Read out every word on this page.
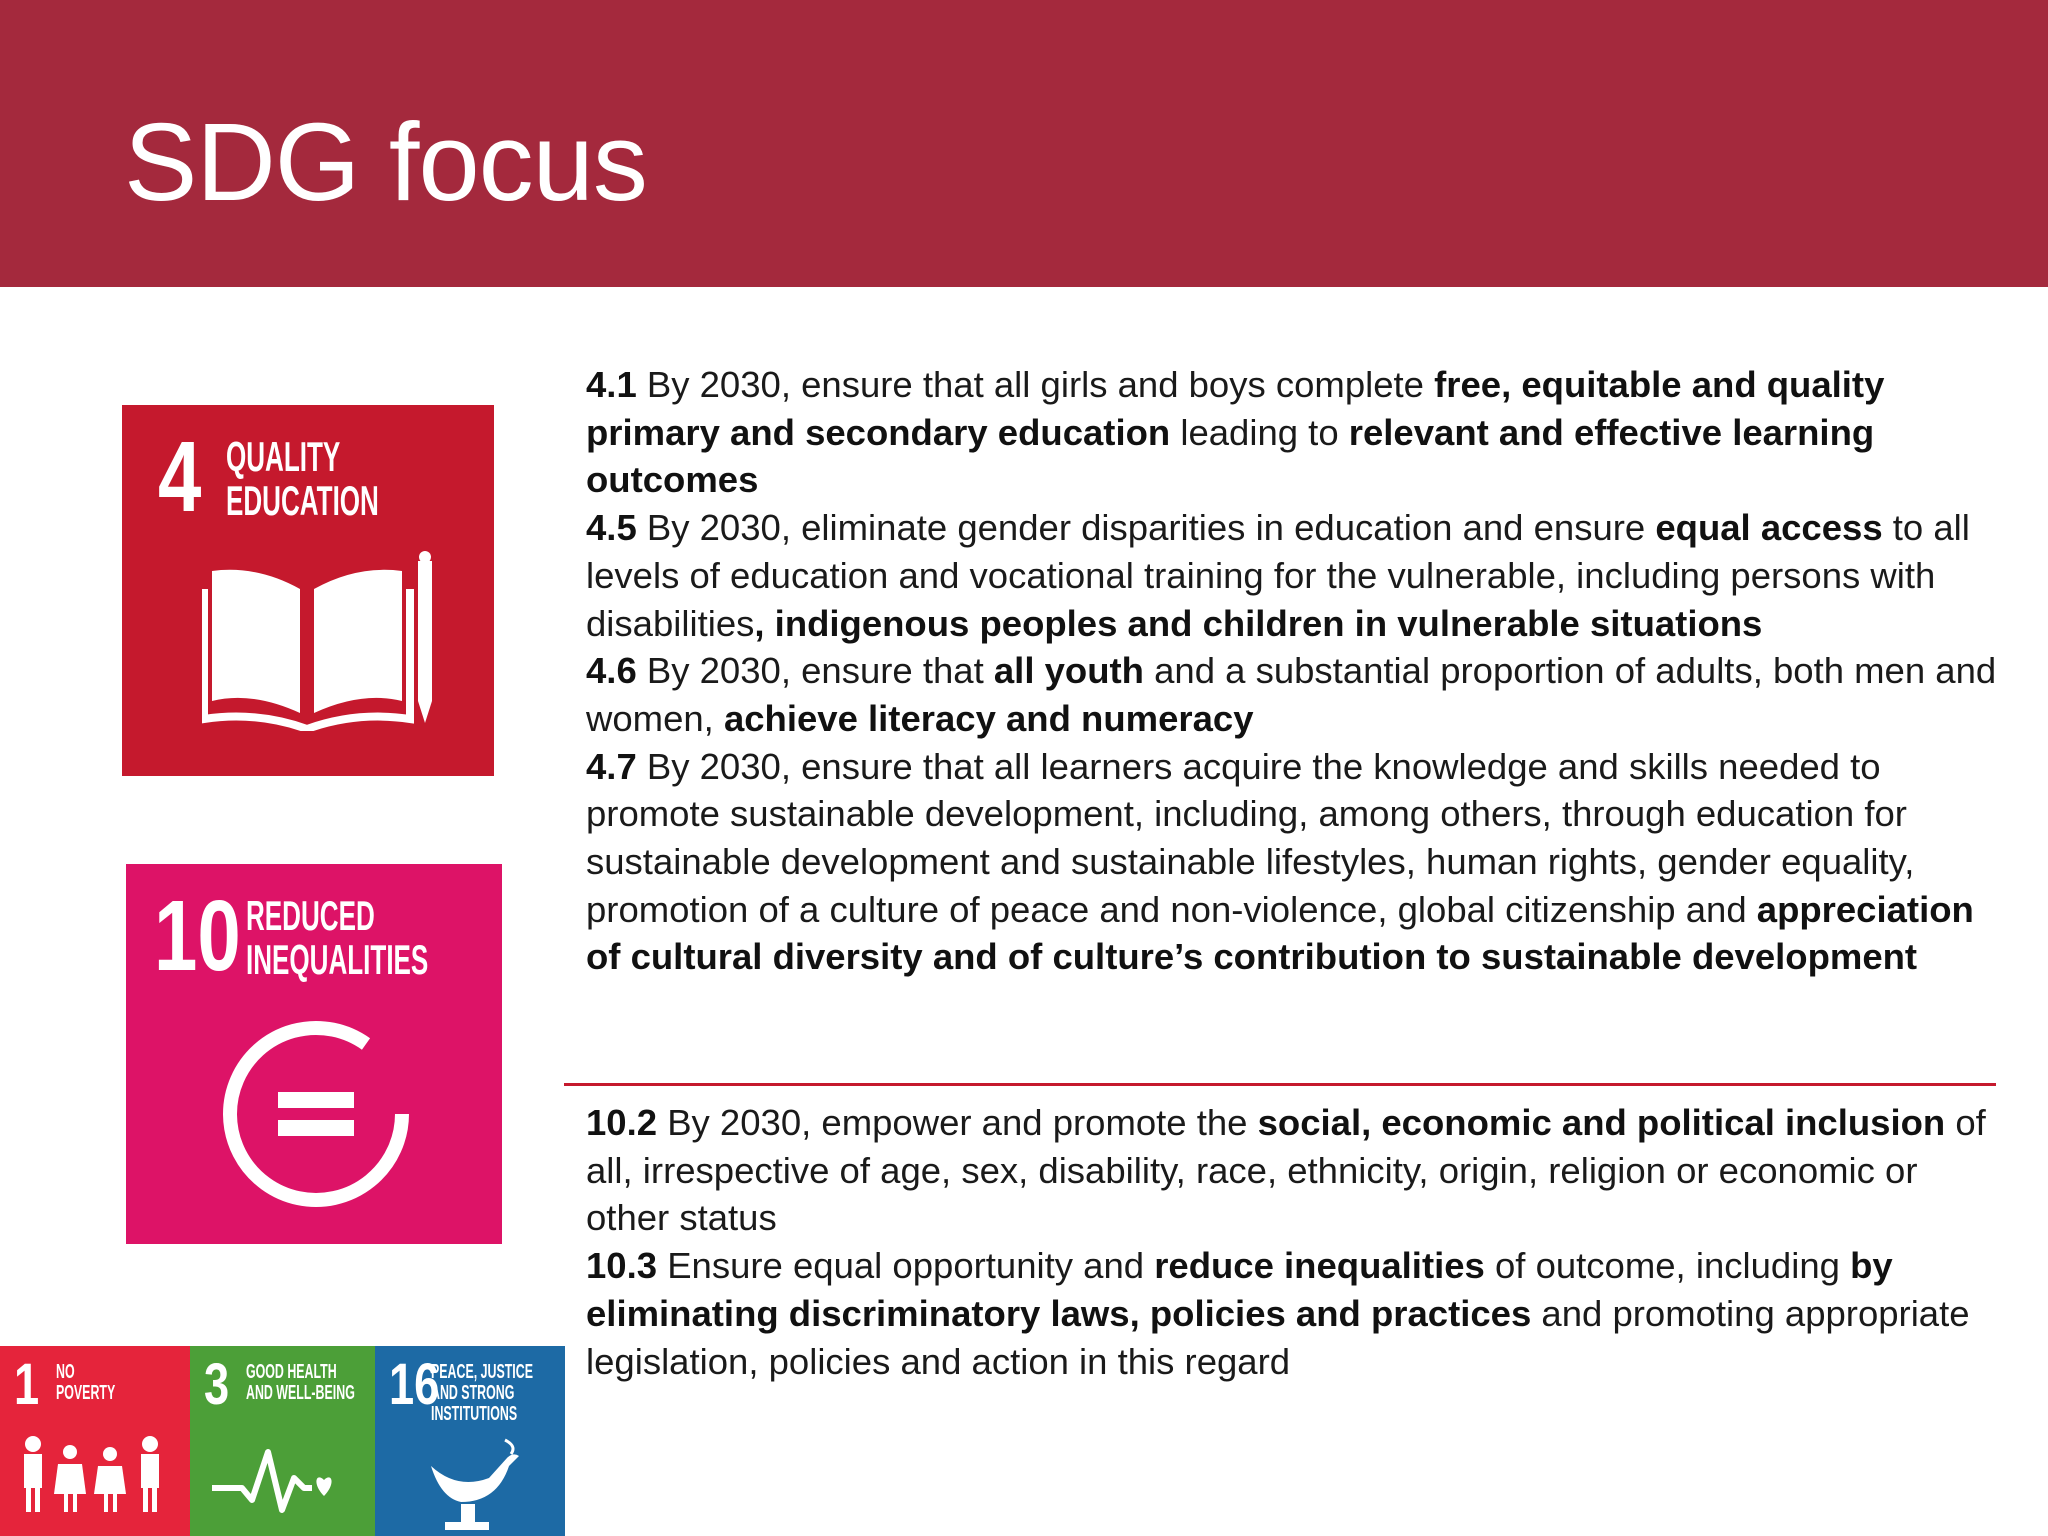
SDG focus
4 QUALITY
EDUCATION
10 REDUCED
INEQUALITIES
1 NO
POVERTY 3 GOOD HEALTH
AND WELL-BEING 16
PEACE, JUSTICE
AND STRONG
INSTITUTIONS

4.1 By 2030, ensure that all girls and boys complete free, equitable and quality primary and secondary education leading to relevant and effective learning outcomes

4.5 By 2030, eliminate gender disparities in education and ensure equal access to all levels of education and vocational training for the vulnerable, including persons with disabilities, indigenous peoples and children in vulnerable situations

4.6 By 2030, ensure that all youth and a substantial proportion of adults, both men and women, achieve literacy and numeracy

4.7 By 2030, ensure that all learners acquire the knowledge and skills needed to promote sustainable development, including, among others, through education for sustainable development and sustainable lifestyles, human rights, gender equality, promotion of a culture of peace and non-violence, global citizenship and appreciation of cultural diversity and of culture’s contribution to sustainable development

10.2 By 2030, empower and promote the social, economic and political inclusion of all, irrespective of age, sex, disability, race, ethnicity, origin, religion or economic or other status

10.3 Ensure equal opportunity and reduce inequalities of outcome, including by eliminating discriminatory laws, policies and practices and promoting appropriate legislation, policies and action in this regard
